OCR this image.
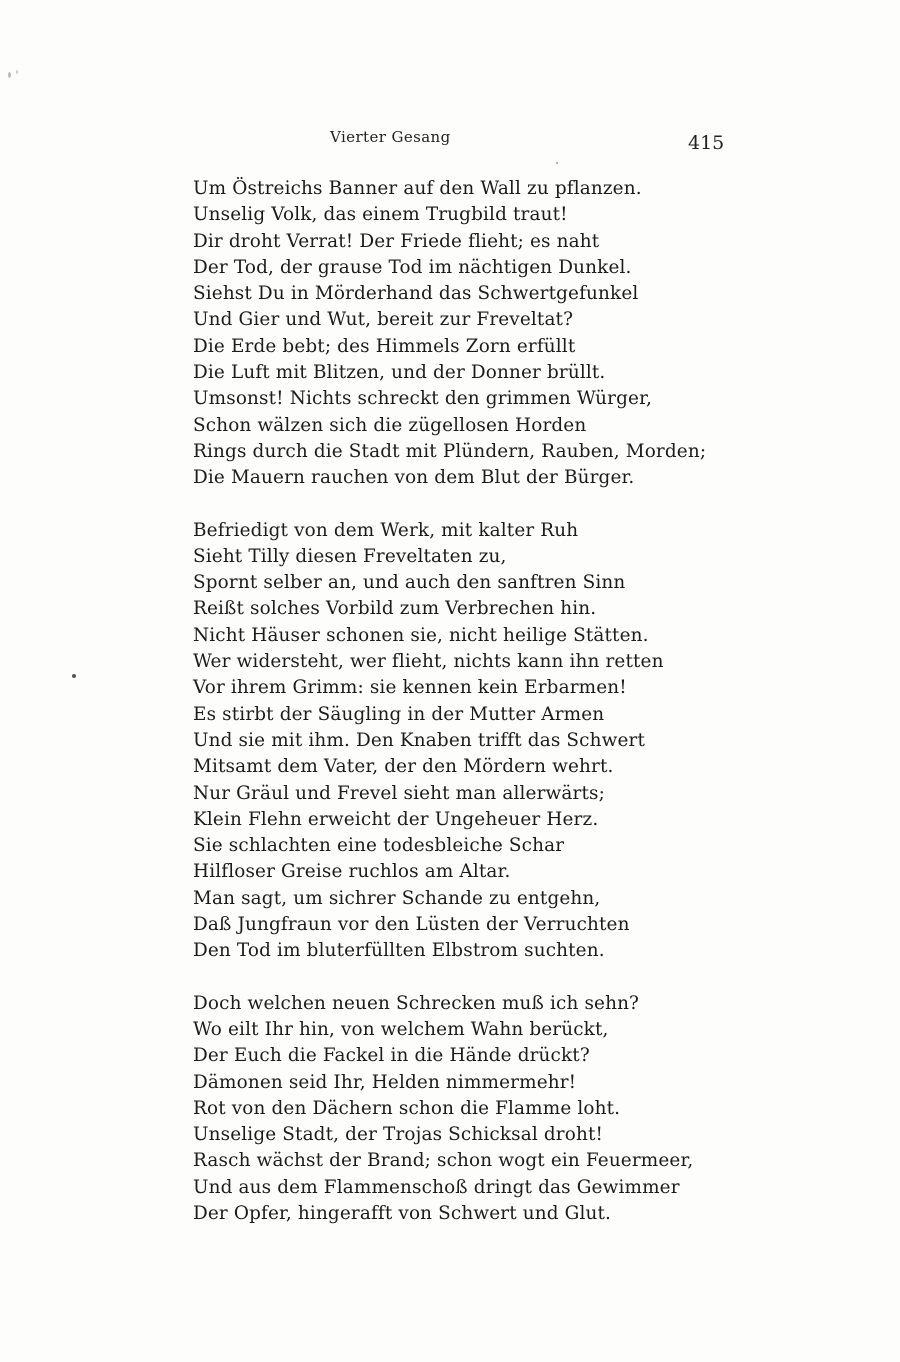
Vierter Gesang	415

Um Östreichs Banner auf den Wall zu pflanzen.
Unselig Volk, das einem Trugbild traut!
Dir droht Verrat! Der Friede flieht; es naht
Der Tod, der grause Tod im nächtigen Dunkel.
Siehst Du in Mörderhand das Schwertgefunkel
Und Gier und Wut, bereit zur Freveltat?
Die Erde bebt; des Himmels Zorn erfüllt
Die Luft mit Blitzen, und der Donner brüllt.
Umsonst! Nichts schreckt den grimmen Würger,
Schon wälzen sich die zügellosen Horden
Rings durch die Stadt mit Plündern, Rauben, Morden;
Die Mauern rauchen von dem Blut der Bürger.

Befriedigt von dem Werk, mit kalter Ruh
Sieht Tilly diesen Freveltaten zu,
Spornt selber an, und auch den sanftren Sinn
Reißt solches Vorbild zum Verbrechen hin.
Nicht Häuser schonen sie, nicht heilige Stätten.
Wer widersteht, wer flieht, nichts kann ihn retten
Vor ihrem Grimm: sie kennen kein Erbarmen!
Es stirbt der Säugling in der Mutter Armen
Und sie mit ihm. Den Knaben trifft das Schwert
Mitsamt dem Vater, der den Mördern wehrt.
Nur Gräul und Frevel sieht man allerwärts;
Klein Flehn erweicht der Ungeheuer Herz.
Sie schlachten eine todesbleiche Schar
Hilfloser Greise ruchlos am Altar.
Man sagt, um sichrer Schande zu entgehn,
Daß Jungfraun vor den Lüsten der Verruchten
Den Tod im bluterfüllten Elbstrom suchten.

Doch welchen neuen Schrecken muß ich sehn?
Wo eilt Ihr hin, von welchem Wahn berückt,
Der Euch die Fackel in die Hände drückt?
Dämonen seid Ihr, Helden nimmermehr!
Rot von den Dächern schon die Flamme loht.
Unselige Stadt, der Trojas Schicksal droht!
Rasch wächst der Brand; schon wogt ein Feuermeer,
Und aus dem Flammenschoß dringt das Gewimmer
Der Opfer, hingerafft von Schwert und Glut.
